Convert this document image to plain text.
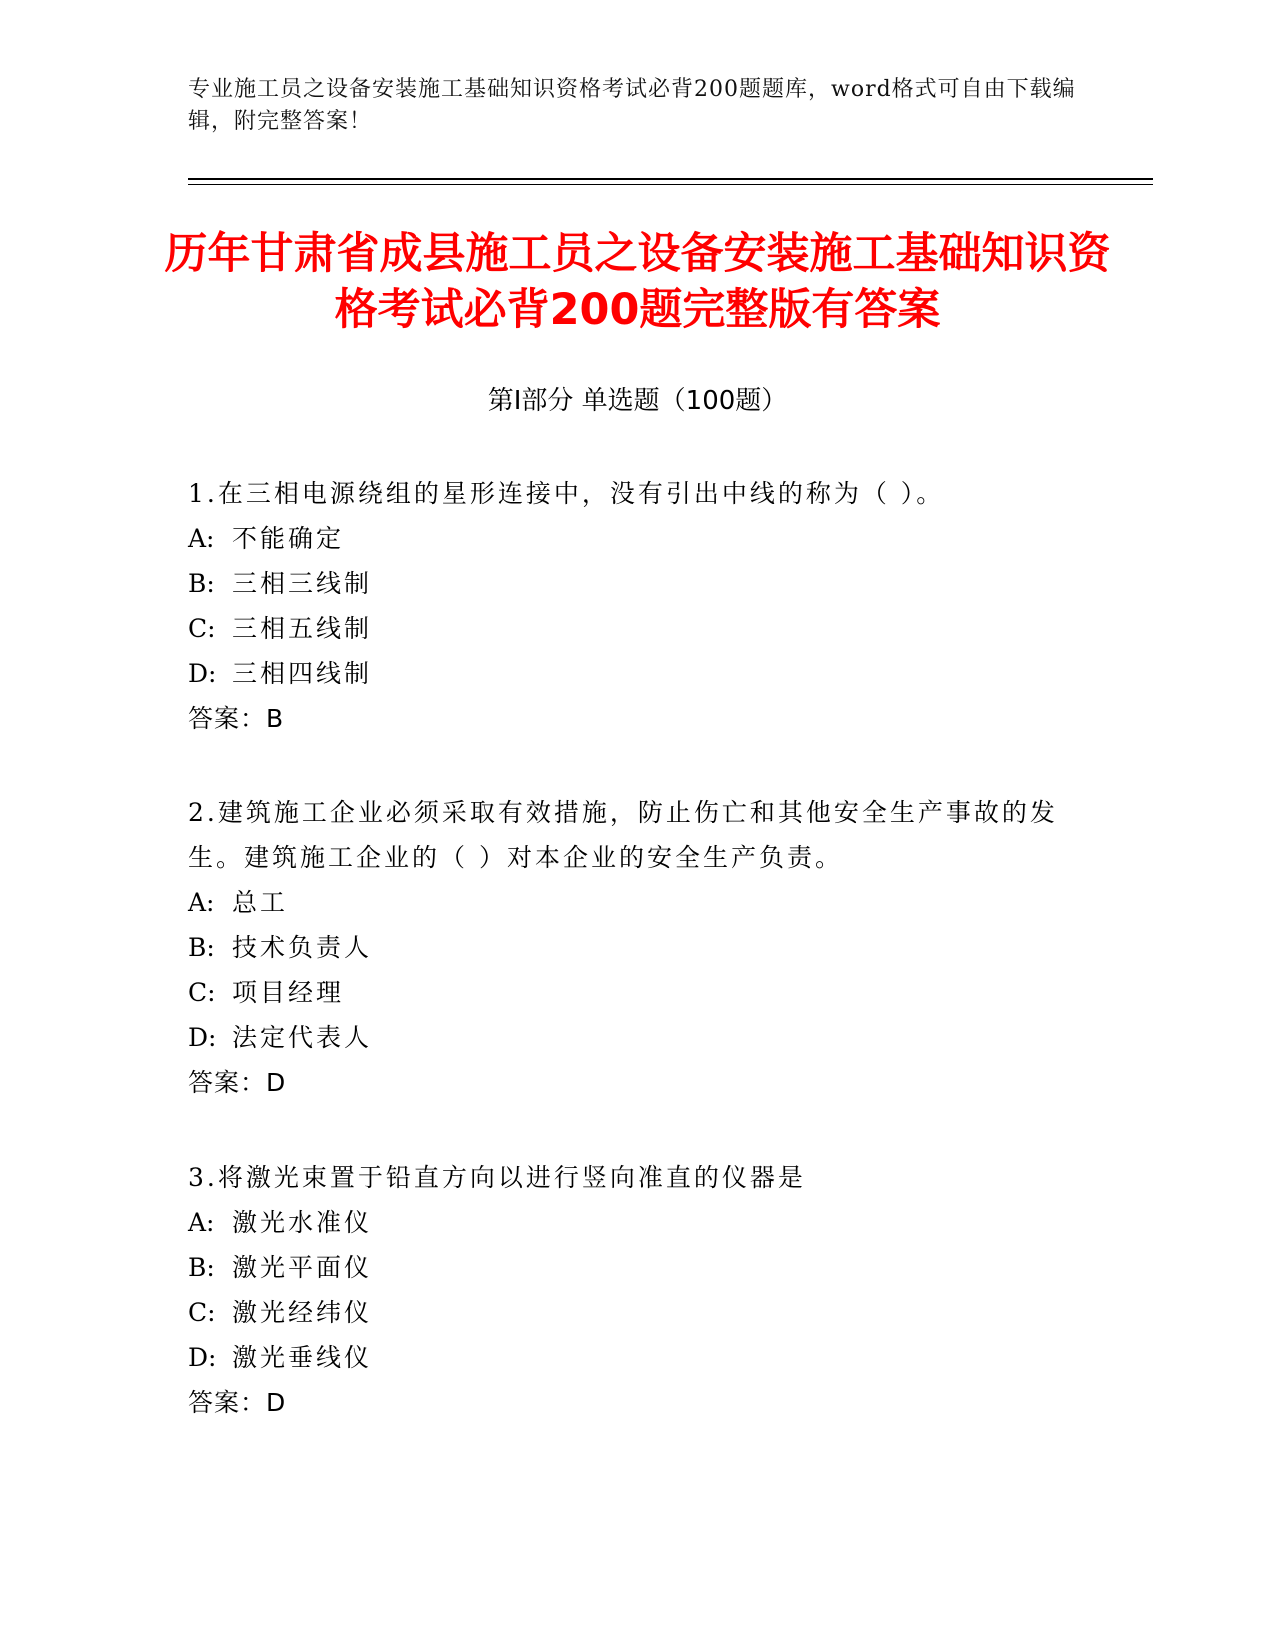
专业施工员之设备安装施工基础知识资格考试必背200题题库，word格式可自由下载编辑，附完整答案！
历年甘肃省成县施工员之设备安装施工基础知识资格考试必背200题完整版有答案
第Ⅰ部分 单选题（100题）
1.在三相电源绕组的星形连接中，没有引出中线的称为（ ）。
A: 不能确定
B: 三相三线制
C: 三相五线制
D: 三相四线制
答案：B
2.建筑施工企业必须采取有效措施，防止伤亡和其他安全生产事故的发生。建筑施工企业的（ ）对本企业的安全生产负责。
A: 总工
B: 技术负责人
C: 项目经理
D: 法定代表人
答案：D
3.将激光束置于铅直方向以进行竖向准直的仪器是
A: 激光水准仪
B: 激光平面仪
C: 激光经纬仪
D: 激光垂线仪
答案：D
